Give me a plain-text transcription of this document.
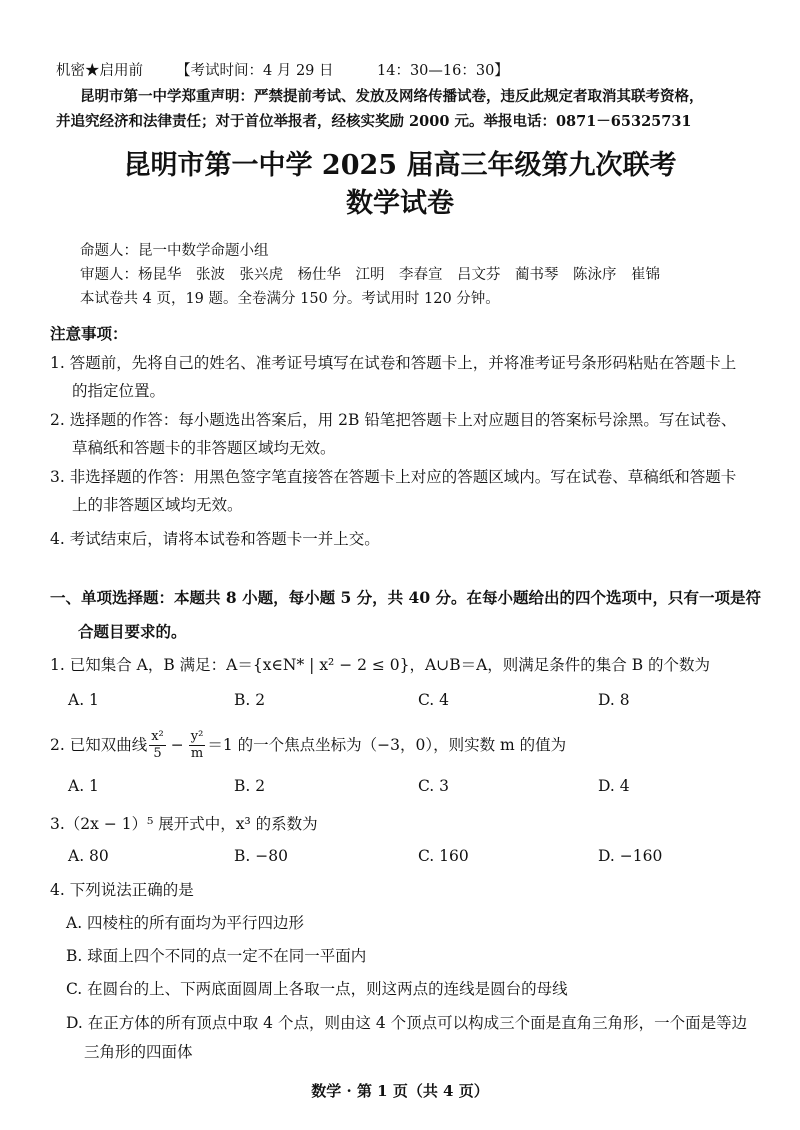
机密★启用前 【考试时间：4 月 29 日　　　14：30—16：30】
昆明市第一中学郑重声明：严禁提前考试、发放及网络传播试卷，违反此规定者取消其联考资格，
并追究经济和法律责任；对于首位举报者，经核实奖励 2000 元。举报电话：0871－65325731
昆明市第一中学 2025 届高三年级第九次联考
数学试卷
命题人：昆一中数学命题小组
审题人：杨昆华　张波　张兴虎　杨仕华　江明　李春宣　吕文芬　蔺书琴　陈泳序　崔锦
本试卷共 4 页，19 题。全卷满分 150 分。考试用时 120 分钟。
注意事项：
1. 答题前，先将自己的姓名、准考证号填写在试卷和答题卡上，并将准考证号条形码粘贴在答题卡上
的指定位置。
2. 选择题的作答：每小题选出答案后，用 2B 铅笔把答题卡上对应题目的答案标号涂黑。写在试卷、
草稿纸和答题卡的非答题区域均无效。
3. 非选择题的作答：用黑色签字笔直接答在答题卡上对应的答题区域内。写在试卷、草稿纸和答题卡
上的非答题区域均无效。
4. 考试结束后，请将本试卷和答题卡一并上交。
一、单项选择题：本题共 8 小题，每小题 5 分，共 40 分。在每小题给出的四个选项中，只有一项是符
合题目要求的。
1. 已知集合 A，B 满足：A＝{x∈N* | x² − 2 ≤ 0}，A∪B＝A，则满足条件的集合 B 的个数为
A. 1	B. 2	C. 4	D. 8
2. 已知双曲线 $\frac{\text{x²}}{5} - \frac{\text{y²}}{m} =1$ 的一个焦点坐标为（−3，0），则实数 m 的值为
A. 1	B. 2	C. 3	D. 4
3.（2x − 1）⁵ 展开式中，x³ 的系数为
A. 80	B. −80	C. 160	D. −160
4. 下列说法正确的是
A. 四棱柱的所有面均为平行四边形
B. 球面上四个不同的点一定不在同一平面内
C. 在圆台的上、下两底面圆周上各取一点，则这两点的连线是圆台的母线
D. 在正方体的所有顶点中取 4 个点，则由这 4 个顶点可以构成三个面是直角三角形，一个面是等边
三角形的四面体
数学 · 第 1 页（共 4 页）
